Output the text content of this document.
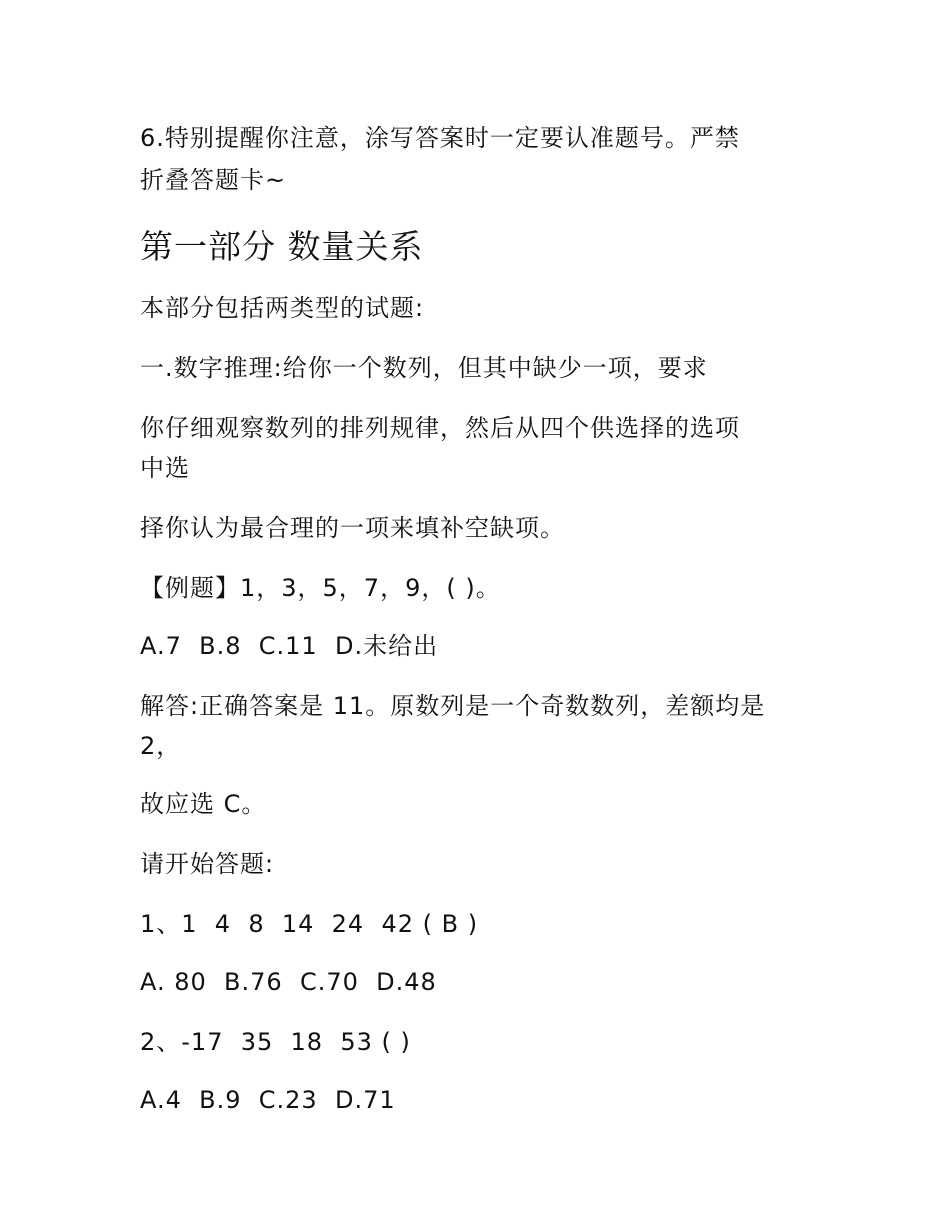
6.特别提醒你注意，涂写答案时一定要认准题号。严禁

折叠答题卡~

第一部分 数量关系

本部分包括两类型的试题:

一.数字推理:给你一个数列，但其中缺少一项，要求

你仔细观察数列的排列规律，然后从四个供选择的选项

中选

择你认为最合理的一项来填补空缺项。

【例题】1，3，5，7，9，( )。

A.7  B.8  C.11  D.未给出

解答:正确答案是 11。原数列是一个奇数数列，差额均是

2，

故应选 C。

请开始答题:

1、1  4  8  14  24  42 ( B )

A. 80  B.76  C.70  D.48

2、-17  35  18  53 ( )

A.4  B.9  C.23  D.71
